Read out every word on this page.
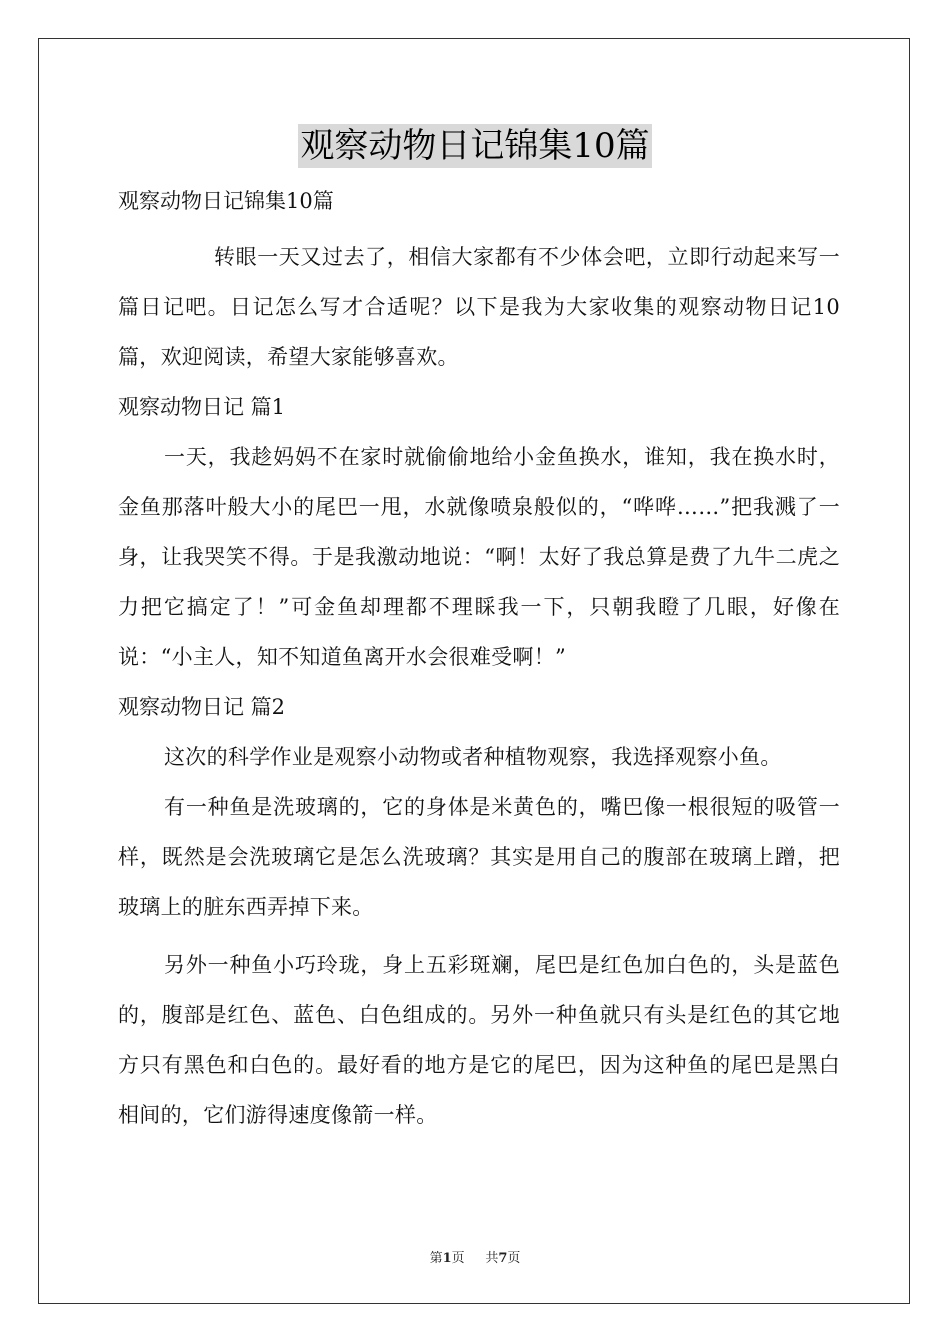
观察动物日记锦集10篇

观察动物日记锦集10篇

转眼一天又过去了，相信大家都有不少体会吧，立即行动起来写一篇日记吧。日记怎么写才合适呢？以下是我为大家收集的观察动物日记10篇，欢迎阅读，希望大家能够喜欢。

观察动物日记 篇1

一天，我趁妈妈不在家时就偷偷地给小金鱼换水，谁知，我在换水时，金鱼那落叶般大小的尾巴一甩，水就像喷泉般似的，“哗哗……”把我溅了一身，让我哭笑不得。于是我激动地说：“啊！太好了我总算是费了九牛二虎之力把它搞定了！”可金鱼却理都不理睬我一下，只朝我瞪了几眼，好像在说：“小主人，知不知道鱼离开水会很难受啊！”

观察动物日记 篇2

这次的科学作业是观察小动物或者种植物观察，我选择观察小鱼。

有一种鱼是洗玻璃的，它的身体是米黄色的，嘴巴像一根很短的吸管一样，既然是会洗玻璃它是怎么洗玻璃？其实是用自己的腹部在玻璃上蹭，把玻璃上的脏东西弄掉下来。

另外一种鱼小巧玲珑，身上五彩斑斓，尾巴是红色加白色的，头是蓝色的，腹部是红色、蓝色、白色组成的。另外一种鱼就只有头是红色的其它地方只有黑色和白色的。最好看的地方是它的尾巴，因为这种鱼的尾巴是黑白相间的，它们游得速度像箭一样。

第1页 共7页
